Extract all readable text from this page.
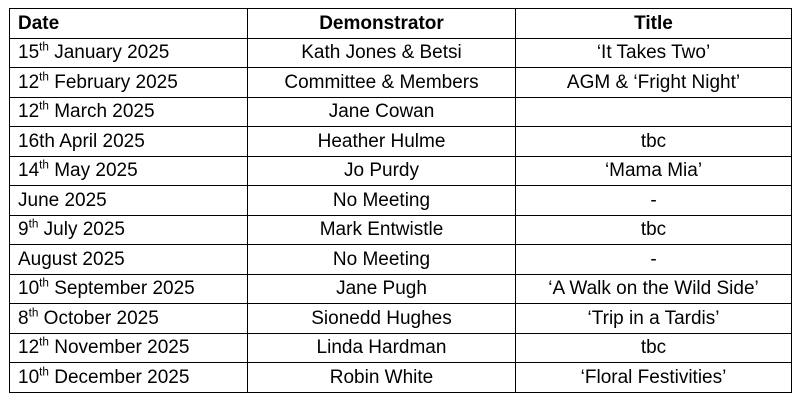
Date	Demonstrator	Title
15th January 2025	Kath Jones & Betsi	‘It Takes Two’
12th February 2025	Committee & Members	AGM & ‘Fright Night’
12th March 2025	Jane Cowan	
16th April 2025	Heather Hulme	tbc
14th May 2025	Jo Purdy	‘Mama Mia’
June 2025	No Meeting	-
9th July 2025	Mark Entwistle	tbc
August 2025	No Meeting	-
10th September 2025	Jane Pugh	‘A Walk on the Wild Side’
8th October 2025	Sionedd Hughes	‘Trip in a Tardis’
12th November 2025	Linda Hardman	tbc
10th December 2025	Robin White	‘Floral Festivities’
